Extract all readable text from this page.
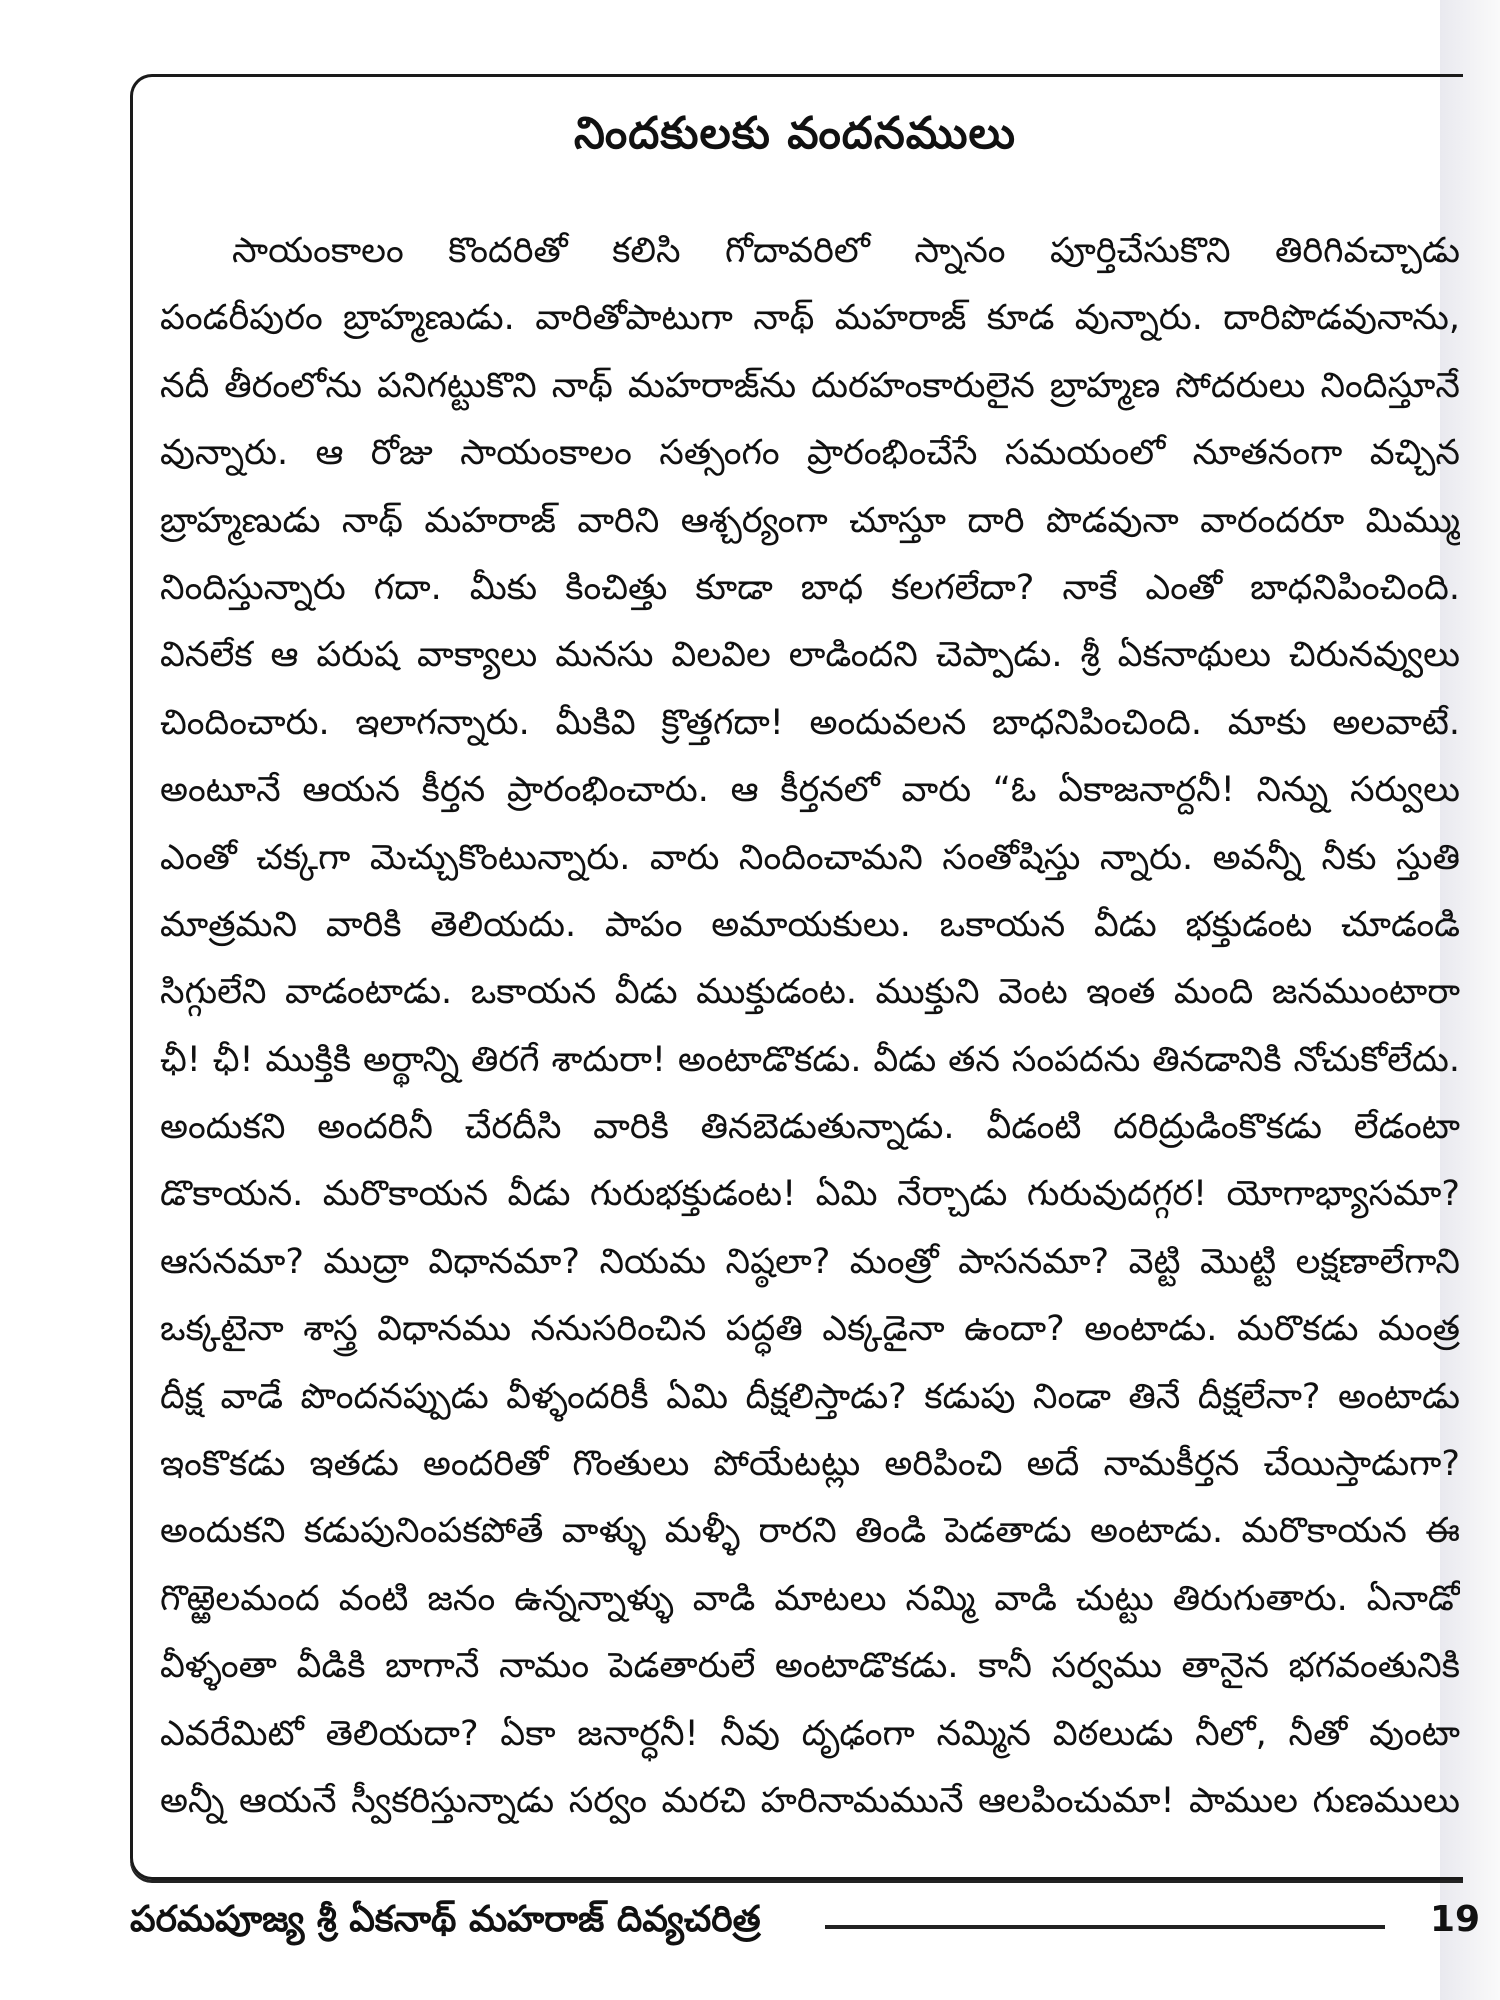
నిందకులకు వందనములు
సాయంకాలం కొందరితో కలిసి గోదావరిలో స్నానం పూర్తిచేసుకొని తిరిగివచ్చాడు
పండరీపురం బ్రాహ్మణుడు. వారితోపాటుగా నాథ్ మహరాజ్ కూడ వున్నారు. దారిపొడవునాను,
నదీ తీరంలోను పనిగట్టుకొని నాథ్ మహరాజ్‌ను దురహంకారులైన బ్రాహ్మణ సోదరులు నిందిస్తూనే
వున్నారు. ఆ రోజు సాయంకాలం సత్సంగం ప్రారంభించేసే సమయంలో నూతనంగా వచ్చిన
బ్రాహ్మణుడు నాథ్ మహరాజ్ వారిని ఆశ్చర్యంగా చూస్తూ దారి పొడవునా వారందరూ మిమ్ము
నిందిస్తున్నారు గదా. మీకు కించిత్తు కూడా బాధ కలగలేదా? నాకే ఎంతో బాధనిపించింది.
వినలేక ఆ పరుష వాక్యాలు మనసు విలవిల లాడిందని చెప్పాడు. శ్రీ ఏకనాథులు చిరునవ్వులు
చిందించారు. ఇలాగన్నారు. మీకివి క్రొత్తగదా! అందువలన బాధనిపించింది. మాకు అలవాటే.
అంటూనే ఆయన కీర్తన ప్రారంభించారు. ఆ కీర్తనలో వారు “ఓ ఏకాజనార్దనీ! నిన్ను సర్వులు
ఎంతో చక్కగా మెచ్చుకొంటున్నారు. వారు నిందించామని సంతోషిస్తు న్నారు. అవన్నీ నీకు స్తుతి
మాత్రమని వారికి తెలియదు. పాపం అమాయకులు. ఒకాయన వీడు భక్తుడంట చూడండి
సిగ్గులేని వాడంటాడు. ఒకాయన వీడు ముక్తుడంట. ముక్తుని వెంట ఇంత మంది జనముంటారా
ఛీ! ఛీ! ముక్తికి అర్థాన్ని తిరగే శాదురా! అంటాడొకడు. వీడు తన సంపదను తినడానికి నోచుకోలేదు.
అందుకని అందరినీ చేరదీసి వారికి తినబెడుతున్నాడు. వీడంటి దరిద్రుడింకొకడు లేడంటా
డొకాయన. మరొకాయన వీడు గురుభక్తుడంట! ఏమి నేర్చాడు గురువుదగ్గర! యోగాభ్యాసమా?
ఆసనమా? ముద్రా విధానమా? నియమ నిష్ఠలా? మంత్రో పాసనమా? వెట్టి మొట్టి లక్షణాలేగాని
ఒక్కటైనా శాస్త్ర విధానము ననుసరించిన పద్ధతి ఎక్కడైనా ఉందా? అంటాడు. మరొకడు మంత్ర
దీక్ష వాడే పొందనప్పుడు వీళ్ళందరికీ ఏమి దీక్షలిస్తాడు? కడుపు నిండా తినే దీక్షలేనా? అంటాడు
ఇంకొకడు ఇతడు అందరితో గొంతులు పోయేటట్లు అరిపించి అదే నామకీర్తన చేయిస్తాడుగా?
అందుకని కడుపునింపకపోతే వాళ్ళు మళ్ళీ రారని తిండి పెడతాడు అంటాడు. మరొకాయన ఈ
గొఱ్ఱెలమంద వంటి జనం ఉన్నన్నాళ్ళు వాడి మాటలు నమ్మి వాడి చుట్టు తిరుగుతారు. ఏనాడో
వీళ్ళంతా వీడికి బాగానే నామం పెడతారులే అంటాడొకడు. కానీ సర్వము తానైన భగవంతునికి
ఎవరేమిటో తెలియదా? ఏకా జనార్ధనీ! నీవు దృఢంగా నమ్మిన విఠలుడు నీలో, నీతో వుంటా
అన్నీ ఆయనే స్వీకరిస్తున్నాడు సర్వం మరచి హరినామమునే ఆలపించుమా! పాముల గుణములు
పరమపూజ్య శ్రీ ఏకనాథ్ మహరాజ్ దివ్యచరిత్ర	19
